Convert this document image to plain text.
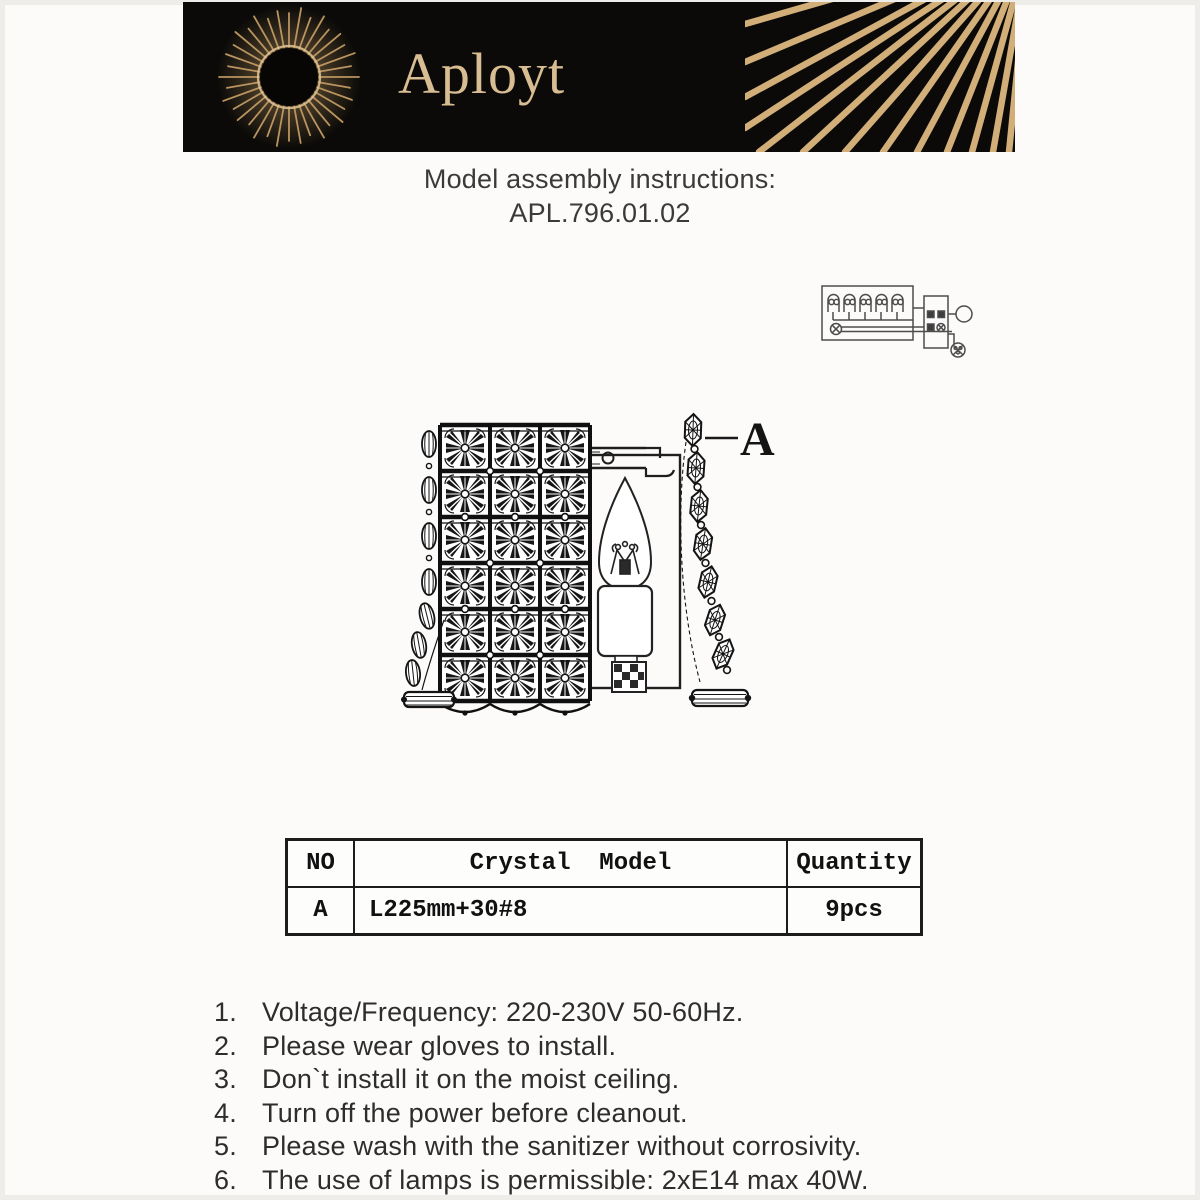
Aployt
Model assembly instructions:
APL.796.01.02
A
NO	Crystal  Model	Quantity
A	L225mm+30#8	9pcs
1. Voltage/Frequency: 220-230V 50-60Hz.
2. Please wear gloves to install.
3. Don`t install it on the moist ceiling.
4. Turn off the power before cleanout.
5. Please wash with the sanitizer without corrosivity.
6. The use of lamps is permissible: 2xE14 max 40W.
